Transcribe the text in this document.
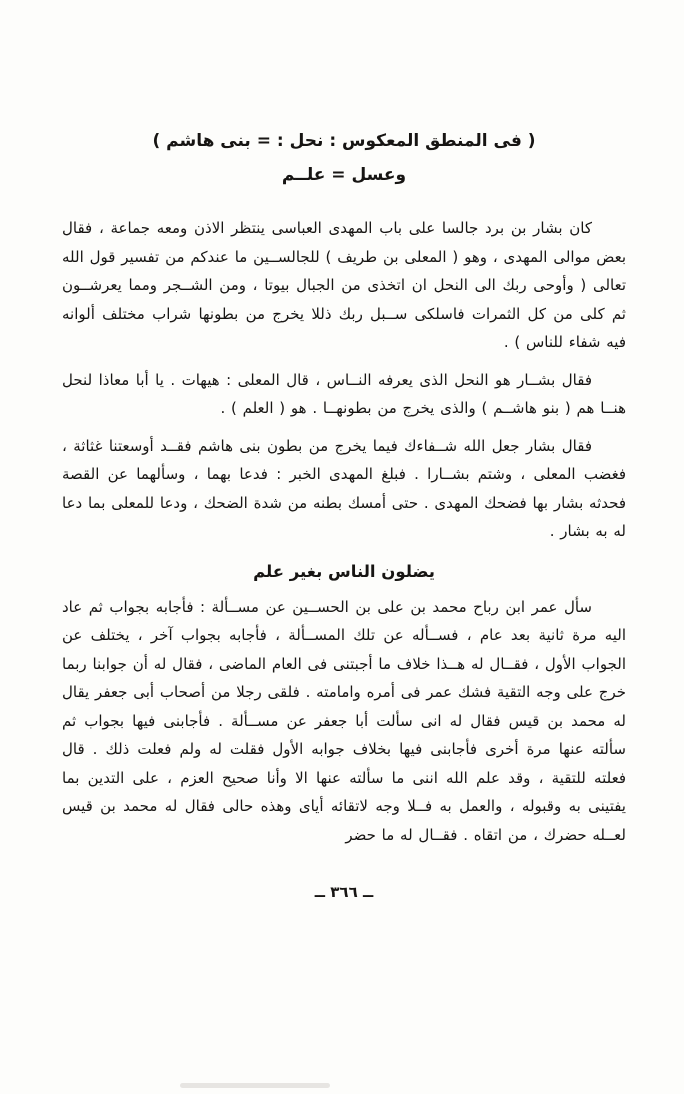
( فى المنطق المعكوس : نحل : = بنى هاشم )
وعسل = علــم

كان بشار بن برد جالسا على باب المهدى العباسى ينتظر الاذن ومعه جماعة ، فقال بعض موالى المهدى ، وهو ( المعلى بن طريف ) للجالســين ما عندكم من تفسير قول الله تعالى ( وأوحى ربك الى النحل ان اتخذى من الجبال بيوتا ، ومن الشــجر ومما يعرشــون ثم كلى من كل الثمرات فاسلكى ســبل ربك ذللا يخرج من بطونها شراب مختلف ألوانه فيه شفاء للناس ) .

فقال بشــار هو النحل الذى يعرفه النــاس ، قال المعلى : هيهات . يا أبا معاذا لنحل هنــا هم ( بنو هاشــم ) والذى يخرج من بطونهــا . هو ( العلم ) .

فقال بشار جعل الله شــفاءك فيما يخرج من بطون بنى هاشم فقــد أوسعتنا غثاثة ، فغضب المعلى ، وشتم بشــارا . فبلغ المهدى الخبر : فدعا بهما ، وسألهما عن القصة فحدثه بشار بها فضحك المهدى . حتى أمسك بطنه من شدة الضحك ، ودعا للمعلى بما دعا له به بشار .

يضلون الناس بغير علم

سأل عمر ابن رباح محمد بن على بن الحســين عن مســألة : فأجابه بجواب ثم عاد اليه مرة ثانية بعد عام ، فســأله عن تلك المســألة ، فأجابه بجواب آخر ، يختلف عن الجواب الأول ، فقــال له هــذا خلاف ما أجبتنى فى العام الماضى ، فقال له أن جوابنا ربما خرج على وجه التقية فشك عمر فى أمره وامامته . فلقى رجلا من أصحاب أبى جعفر يقال له محمد بن قيس فقال له انى سألت أبا جعفر عن مســألة . فأجابنى فيها بجواب ثم سألته عنها مرة أخرى فأجابنى فيها بخلاف جوابه الأول فقلت له ولم فعلت ذلك . قال فعلته للتقية ، وقد علم الله اننى ما سألته عنها الا وأنا صحيح العزم ، على التدين بما يفتينى به وقبوله ، والعمل به فــلا وجه لاتقائه أياى وهذه حالى فقال له محمد بن قيس لعــله حضرك ، من اتقاه . فقــال له ما حضر

ــ ٣٦٦ ــ
